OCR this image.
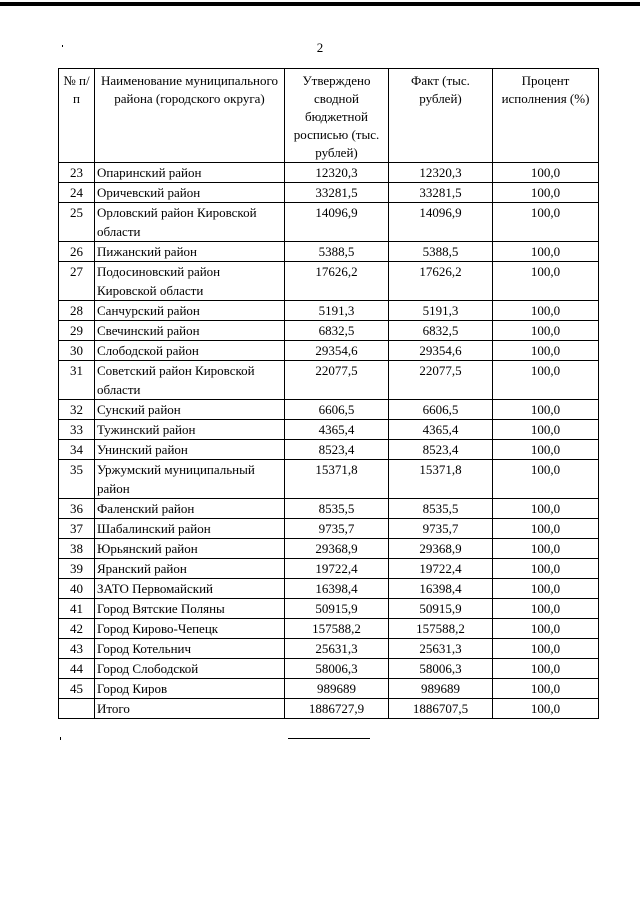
2
№ п/п	Наименование муниципального района (городского округа)	Утверждено сводной бюджетной росписью (тыс. рублей)	Факт (тыс. рублей)	Процент исполнения (%)
23	Опаринский район	12320,3	12320,3	100,0
24	Оричевский район	33281,5	33281,5	100,0
25	Орловский район Кировской области	14096,9	14096,9	100,0
26	Пижанский район	5388,5	5388,5	100,0
27	Подосиновский район Кировской области	17626,2	17626,2	100,0
28	Санчурский район	5191,3	5191,3	100,0
29	Свечинский район	6832,5	6832,5	100,0
30	Слободской район	29354,6	29354,6	100,0
31	Советский район Кировской области	22077,5	22077,5	100,0
32	Сунский район	6606,5	6606,5	100,0
33	Тужинский район	4365,4	4365,4	100,0
34	Унинский район	8523,4	8523,4	100,0
35	Уржумский муниципальный район	15371,8	15371,8	100,0
36	Фаленский район	8535,5	8535,5	100,0
37	Шабалинский район	9735,7	9735,7	100,0
38	Юрьянский район	29368,9	29368,9	100,0
39	Яранский район	19722,4	19722,4	100,0
40	ЗАТО Первомайский	16398,4	16398,4	100,0
41	Город Вятские Поляны	50915,9	50915,9	100,0
42	Город Кирово-Чепецк	157588,2	157588,2	100,0
43	Город Котельнич	25631,3	25631,3	100,0
44	Город Слободской	58006,3	58006,3	100,0
45	Город Киров	989689	989689	100,0
	Итого	1886727,9	1886707,5	100,0
